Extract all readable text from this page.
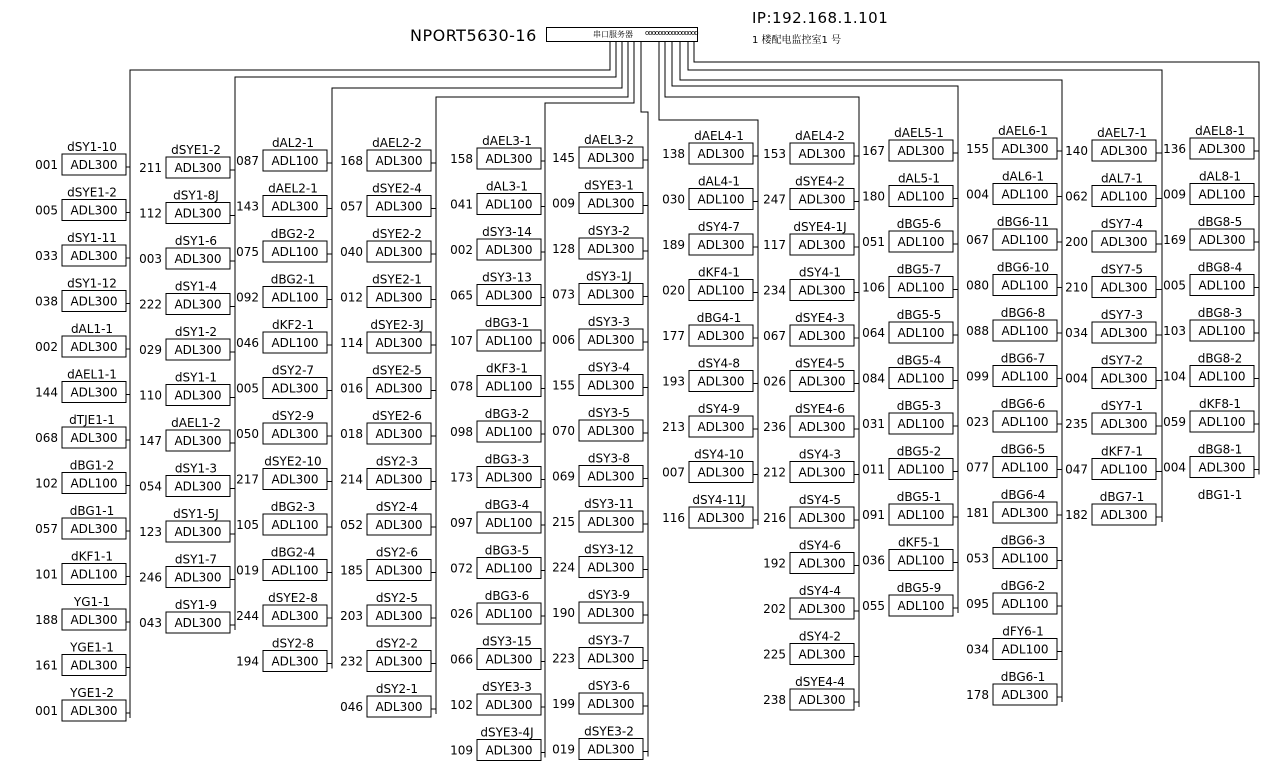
NPORT5630-16
IP:192.168.1.101
1 楼配电监控室1 号
串口服务器 oooooooooooooooo
dSY1-10
ADL300
001
dSYE1-2
ADL300
005
dSY1-11
ADL300
033
dSY1-12
ADL300
038
dAL1-1
ADL300
002
dAEL1-1
ADL300
144
dTJE1-1
ADL300
068
dBG1-2
ADL100
102
dBG1-1
ADL300
057
dKF1-1
ADL100
101
YG1-1
ADL300
188
YGE1-1
ADL300
161
YGE1-2
ADL300
001
dSYE1-2
ADL300
211
dSY1-8J
ADL300
112
dSY1-6
ADL300
003
dSY1-4
ADL300
222
dSY1-2
ADL300
029
dSY1-1
ADL300
110
dAEL1-2
ADL300
147
dSY1-3
ADL300
054
dSY1-5J
ADL300
123
dSY1-7
ADL300
246
dSY1-9
ADL300
043
dAL2-1
ADL100
087
dAEL2-1
ADL300
143
dBG2-2
ADL100
075
dBG2-1
ADL100
092
dKF2-1
ADL100
046
dSY2-7
ADL300
005
dSY2-9
ADL300
050
dSYE2-10
ADL300
217
dBG2-3
ADL100
105
dBG2-4
ADL100
019
dSYE2-8
ADL300
244
dSY2-8
ADL300
194
dAEL2-2
ADL300
168
dSYE2-4
ADL300
057
dSYE2-2
ADL300
040
dSYE2-1
ADL300
012
dSYE2-3J
ADL300
114
dSYE2-5
ADL300
016
dSYE2-6
ADL300
018
dSY2-3
ADL300
214
dSY2-4
ADL300
052
dSY2-6
ADL300
185
dSY2-5
ADL300
203
dSY2-2
ADL300
232
dSY2-1
ADL300
046
dAEL3-1
ADL300
158
dAL3-1
ADL100
041
dSY3-14
ADL300
002
dSY3-13
ADL300
065
dBG3-1
ADL100
107
dKF3-1
ADL100
078
dBG3-2
ADL100
098
dBG3-3
ADL300
173
dBG3-4
ADL100
097
dBG3-5
ADL100
072
dBG3-6
ADL100
026
dSY3-15
ADL300
066
dSYE3-3
ADL300
102
dSYE3-4J
ADL300
109
dAEL3-2
ADL300
145
dSYE3-1
ADL300
009
dSY3-2
ADL300
128
dSY3-1J
ADL300
073
dSY3-3
ADL300
006
dSY3-4
ADL300
155
dSY3-5
ADL300
070
dSY3-8
ADL300
069
dSY3-11
ADL300
215
dSY3-12
ADL300
224
dSY3-9
ADL300
190
dSY3-7
ADL300
223
dSY3-6
ADL300
199
dSYE3-2
ADL300
019
dAEL4-1
ADL300
138
dAL4-1
ADL100
030
dSY4-7
ADL300
189
dKF4-1
ADL100
020
dBG4-1
ADL300
177
dSY4-8
ADL300
193
dSY4-9
ADL300
213
dSY4-10
ADL300
007
dSY4-11J
ADL300
116
dAEL4-2
ADL300
153
dSYE4-2
ADL300
247
dSYE4-1J
ADL300
117
dSY4-1
ADL300
234
dSYE4-3
ADL300
067
dSYE4-5
ADL300
026
dSYE4-6
ADL300
236
dSY4-3
ADL300
212
dSY4-5
ADL300
216
dSY4-6
ADL300
192
dSY4-4
ADL300
202
dSY4-2
ADL300
225
dSYE4-4
ADL300
238
dAEL5-1
ADL300
167
dAL5-1
ADL100
180
dBG5-6
ADL100
051
dBG5-7
ADL100
106
dBG5-5
ADL100
064
dBG5-4
ADL100
084
dBG5-3
ADL100
031
dBG5-2
ADL100
011
dBG5-1
ADL100
091
dKF5-1
ADL100
036
dBG5-9
ADL100
055
dAEL6-1
ADL300
155
dAL6-1
ADL100
004
dBG6-11
ADL100
067
dBG6-10
ADL100
080
dBG6-8
ADL100
088
dBG6-7
ADL100
099
dBG6-6
ADL100
023
dBG6-5
ADL100
077
dBG6-4
ADL300
181
dBG6-3
ADL100
053
dBG6-2
ADL100
095
dFY6-1
ADL100
034
dBG6-1
ADL300
178
dAEL7-1
ADL300
140
dAL7-1
ADL100
062
dSY7-4
ADL300
200
dSY7-5
ADL300
210
dSY7-3
ADL300
034
dSY7-2
ADL300
004
dSY7-1
ADL300
235
dKF7-1
ADL100
047
dBG7-1
ADL300
182
dAEL8-1
ADL300
136
dAL8-1
ADL100
009
dBG8-5
ADL300
169
dBG8-4
ADL100
005
dBG8-3
ADL100
103
dBG8-2
ADL100
104
dKF8-1
ADL100
059
dBG8-1
ADL300
004
dBG1-1
